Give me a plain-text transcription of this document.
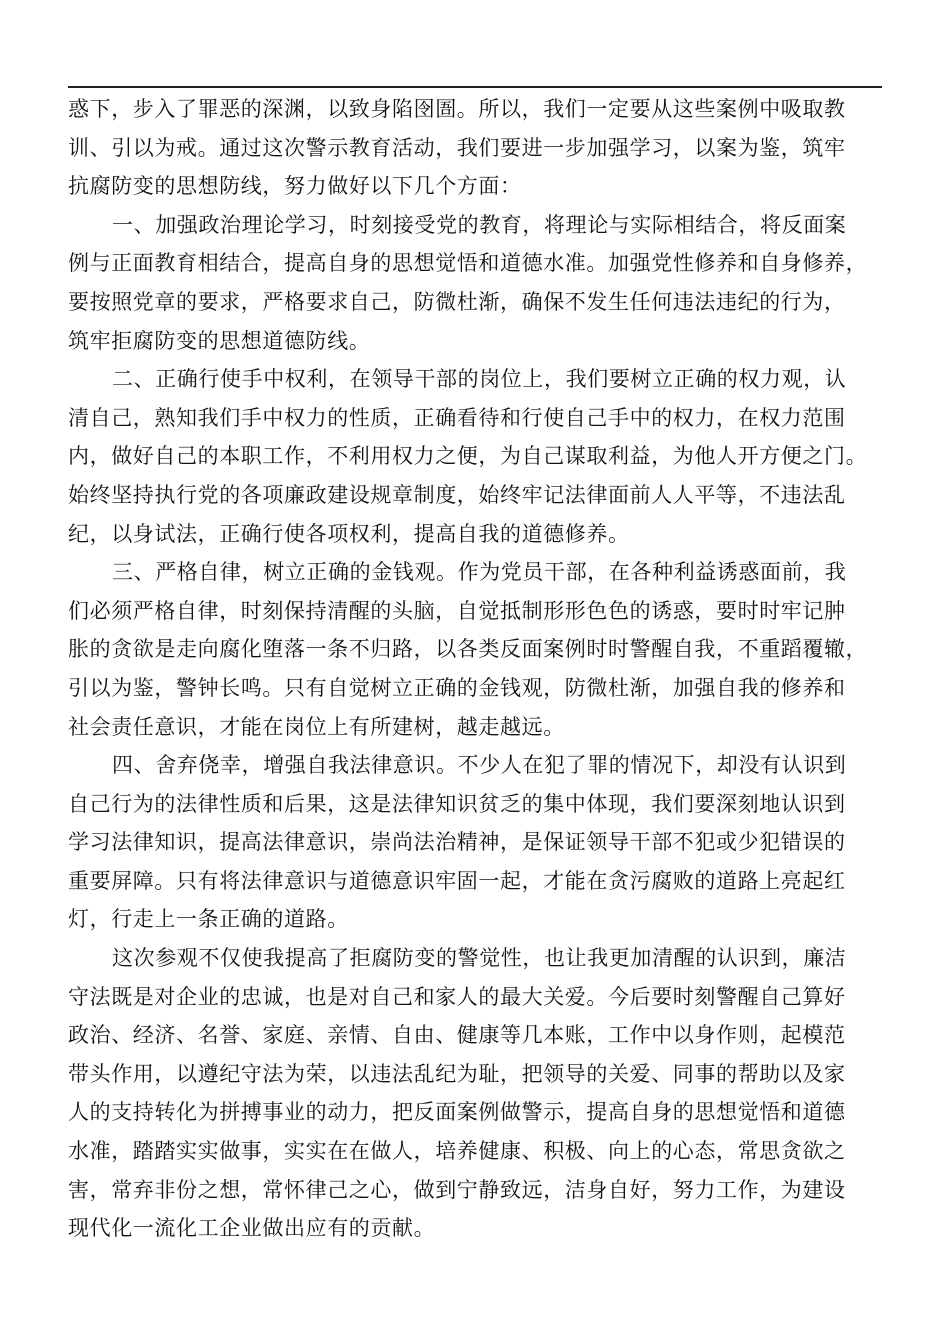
惑下，步入了罪恶的深渊，以致身陷囹圄。所以，我们一定要从这些案例中吸取教
训、引以为戒。通过这次警示教育活动，我们要进一步加强学习，以案为鉴，筑牢
抗腐防变的思想防线，努力做好以下几个方面：

一、加强政治理论学习，时刻接受党的教育，将理论与实际相结合，将反面案
例与正面教育相结合，提高自身的思想觉悟和道德水准。加强党性修养和自身修养，
要按照党章的要求，严格要求自己，防微杜渐，确保不发生任何违法违纪的行为，
筑牢拒腐防变的思想道德防线。

二、正确行使手中权利，在领导干部的岗位上，我们要树立正确的权力观，认
清自己，熟知我们手中权力的性质，正确看待和行使自己手中的权力，在权力范围
内，做好自己的本职工作，不利用权力之便，为自己谋取利益，为他人开方便之门。
始终坚持执行党的各项廉政建设规章制度，始终牢记法律面前人人平等，不违法乱
纪，以身试法，正确行使各项权利，提高自我的道德修养。

三、严格自律，树立正确的金钱观。作为党员干部，在各种利益诱惑面前，我
们必须严格自律，时刻保持清醒的头脑，自觉抵制形形色色的诱惑，要时时牢记肿
胀的贪欲是走向腐化堕落一条不归路，以各类反面案例时时警醒自我，不重蹈覆辙，
引以为鉴，警钟长鸣。只有自觉树立正确的金钱观，防微杜渐，加强自我的修养和
社会责任意识，才能在岗位上有所建树，越走越远。

四、舍弃侥幸，增强自我法律意识。不少人在犯了罪的情况下，却没有认识到
自己行为的法律性质和后果，这是法律知识贫乏的集中体现，我们要深刻地认识到
学习法律知识，提高法律意识，崇尚法治精神，是保证领导干部不犯或少犯错误的
重要屏障。只有将法律意识与道德意识牢固一起，才能在贪污腐败的道路上亮起红
灯，行走上一条正确的道路。

这次参观不仅使我提高了拒腐防变的警觉性，也让我更加清醒的认识到，廉洁
守法既是对企业的忠诚，也是对自己和家人的最大关爱。今后要时刻警醒自己算好
政治、经济、名誉、家庭、亲情、自由、健康等几本账，工作中以身作则，起模范
带头作用，以遵纪守法为荣，以违法乱纪为耻，把领导的关爱、同事的帮助以及家
人的支持转化为拼搏事业的动力，把反面案例做警示，提高自身的思想觉悟和道德
水准，踏踏实实做事，实实在在做人，培养健康、积极、向上的心态，常思贪欲之
害，常弃非份之想，常怀律己之心，做到宁静致远，洁身自好，努力工作，为建设
现代化一流化工企业做出应有的贡献。
